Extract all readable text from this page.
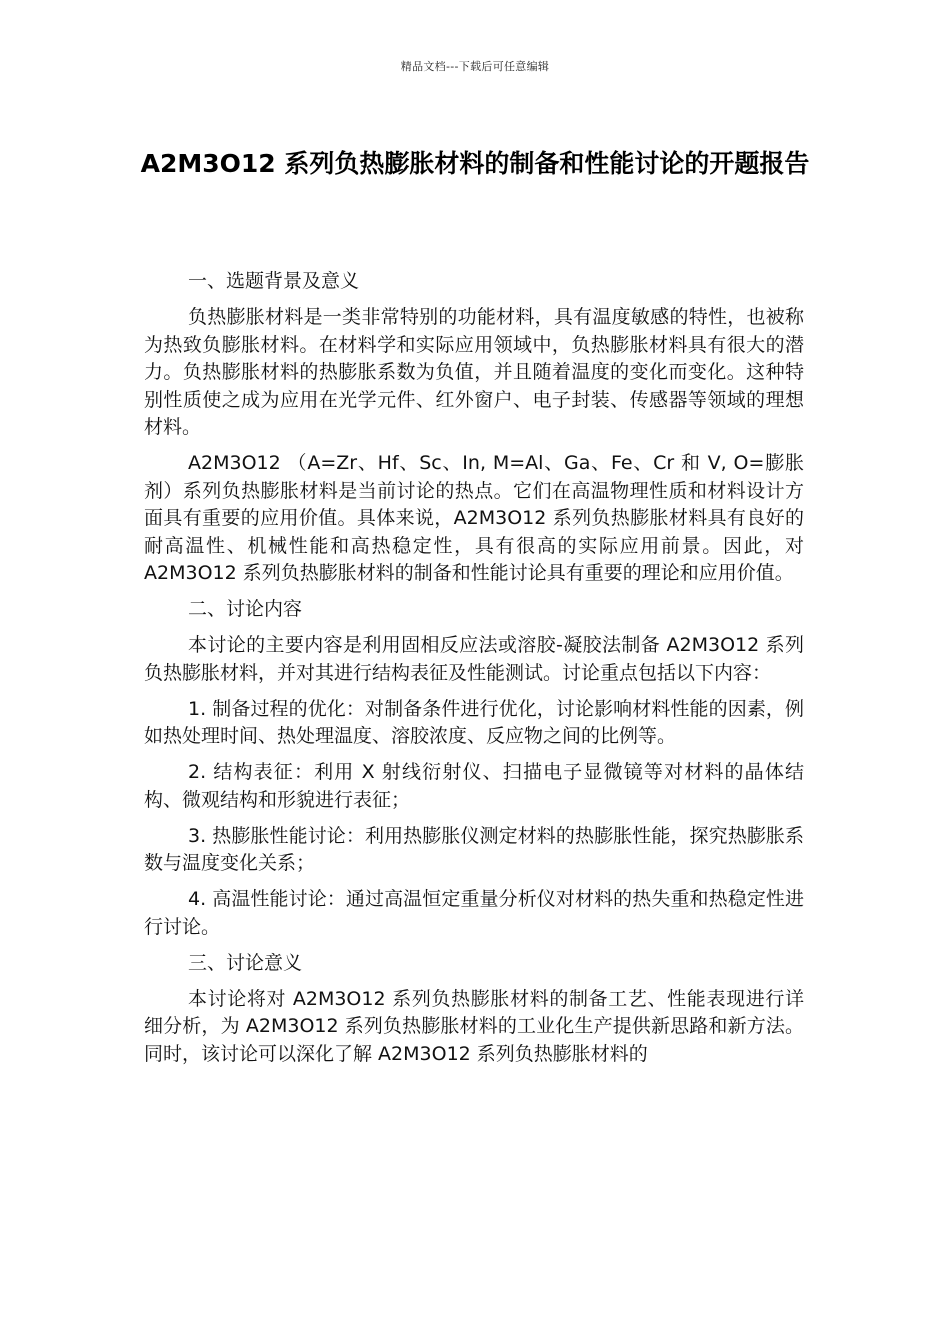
精品文档---下载后可任意编辑
A2M3O12 系列负热膨胀材料的制备和性能讨论的开题报告

一、选题背景及意义

负热膨胀材料是一类非常特别的功能材料，具有温度敏感的特性，也被称为热致负膨胀材料。在材料学和实际应用领域中，负热膨胀材料具有很大的潜力。负热膨胀材料的热膨胀系数为负值，并且随着温度的变化而变化。这种特别性质使之成为应用在光学元件、红外窗户、电子封装、传感器等领域的理想材料。

A2M3O12 （A=Zr、Hf、Sc、In, M=Al、Ga、Fe、Cr 和 V, O=膨胀剂）系列负热膨胀材料是当前讨论的热点。它们在高温物理性质和材料设计方面具有重要的应用价值。具体来说，A2M3O12 系列负热膨胀材料具有良好的耐高温性、机械性能和高热稳定性，具有很高的实际应用前景。因此，对 A2M3O12 系列负热膨胀材料的制备和性能讨论具有重要的理论和应用价值。

二、讨论内容

本讨论的主要内容是利用固相反应法或溶胶-凝胶法制备 A2M3O12 系列负热膨胀材料，并对其进行结构表征及性能测试。讨论重点包括以下内容：

1. 制备过程的优化：对制备条件进行优化，讨论影响材料性能的因素，例如热处理时间、热处理温度、溶胶浓度、反应物之间的比例等。

2. 结构表征：利用 X 射线衍射仪、扫描电子显微镜等对材料的晶体结构、微观结构和形貌进行表征；

3. 热膨胀性能讨论：利用热膨胀仪测定材料的热膨胀性能，探究热膨胀系数与温度变化关系；

4. 高温性能讨论：通过高温恒定重量分析仪对材料的热失重和热稳定性进行讨论。

三、讨论意义

本讨论将对 A2M3O12 系列负热膨胀材料的制备工艺、性能表现进行详细分析，为 A2M3O12 系列负热膨胀材料的工业化生产提供新思路和新方法。同时，该讨论可以深化了解 A2M3O12 系列负热膨胀材料的
